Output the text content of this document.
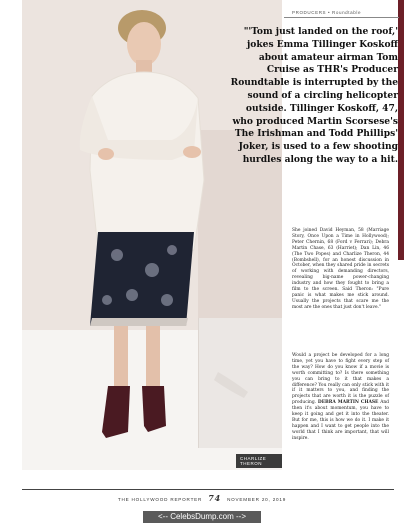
PRODUCERS • Roundtable
CHARLIZE THERON
"'Tom just landed on the roof,' jokes Emma Tillinger Koskoff about amateur airman Tom Cruise as THR's Producer Roundtable is interrupted by the sound of a circling helicopter outside. Tillinger Koskoff, 47, who produced Martin Scorsese's The Irishman and Todd Phillips' Joker, is used to a few shooting hurdles along the way to a hit.
She joined David Heyman, 58 (Marriage Story, Once Upon a Time in Hollywood); Peter Chernin, 68 (Ford v Ferrari); Debra Martin Chase, 63 (Harriet); Dan Lin, 46 (The Two Popes) and Charlize Theron, 44 (Bombshell), for an honest discussion in October, when they shared pride in secrets of working with demanding directors, revealing big-name power-changing industry and how they fought to bring a film to the screen. Said Theron: "Pure panic is what makes me stick around. Usually the projects that scare me the most are the ones that just don't leave."
Would a project be developed for a long time, yet you have to fight every step of the way? How do you know if a movie is worth committing to? Is there something you can bring to it that makes a difference? You really can only stick with it if it matters to you, and finding the projects that are worth it is the puzzle of producing. DEBRA MARTIN CHASE And then it's about momentum, you have to keep it going and get it into the theater. But for me, this is how we do it. I make it happen and I want to get people into the world that I think are important, that will inspire.
THE HOLLYWOOD REPORTER 74 NOVEMBER 20, 2019
<-- CelebsDump.com -->
